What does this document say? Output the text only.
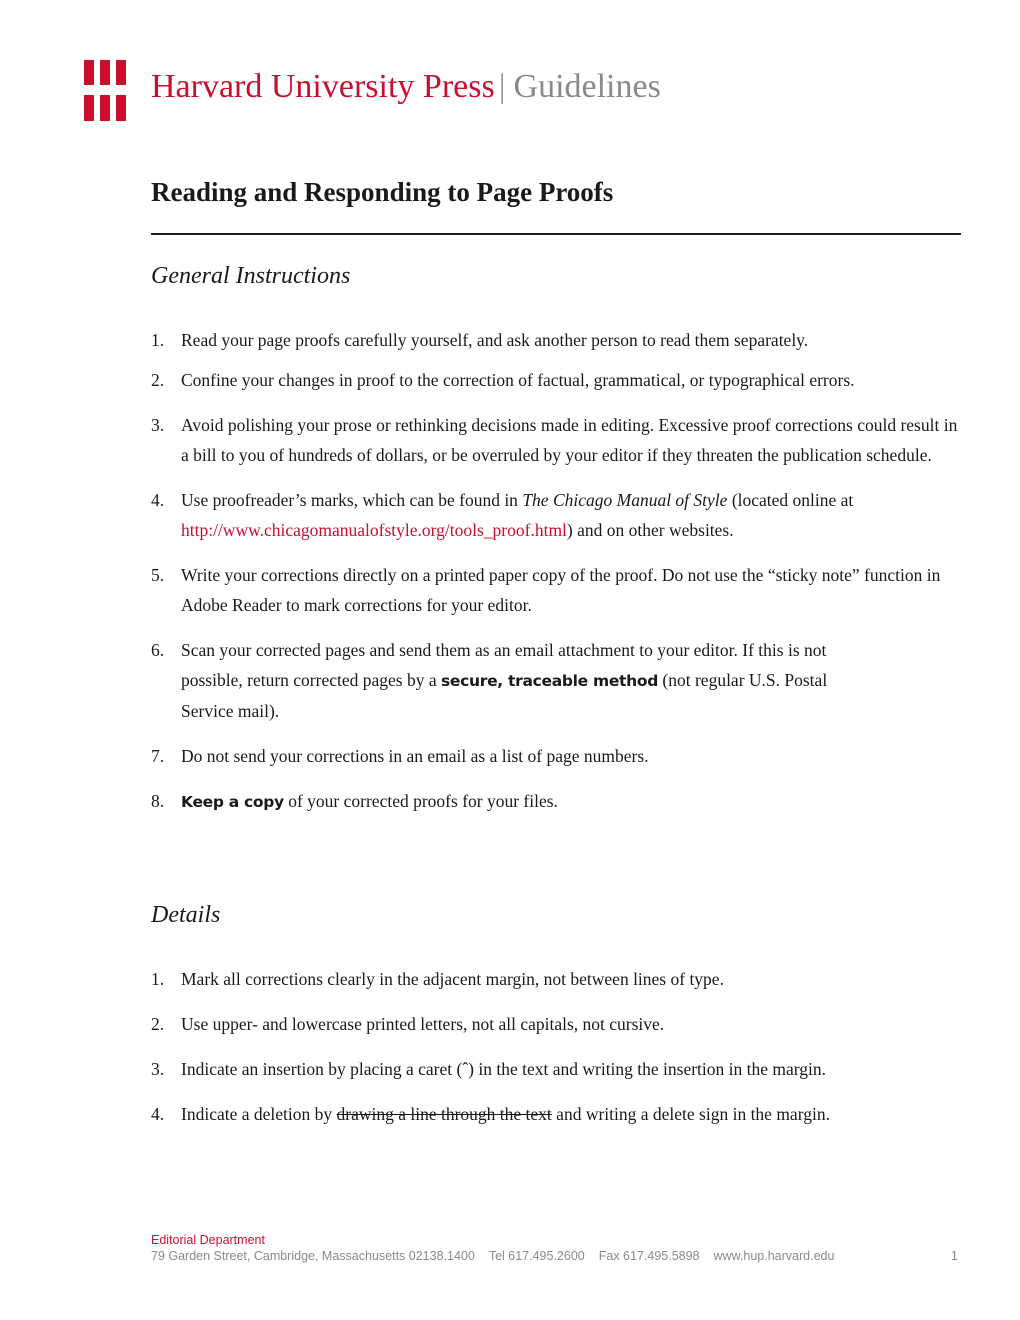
Harvard University Press | Guidelines
Reading and Responding to Page Proofs
General Instructions
1. Read your page proofs carefully yourself, and ask another person to read them separately.
2. Confine your changes in proof to the correction of factual, grammatical, or typographical errors.
3. Avoid polishing your prose or rethinking decisions made in editing. Excessive proof corrections could result in a bill to you of hundreds of dollars, or be overruled by your editor if they threaten the publication schedule.
4. Use proofreader’s marks, which can be found in The Chicago Manual of Style (located online at http://www.chicagomanualofstyle.org/tools_proof.html) and on other websites.
5. Write your corrections directly on a printed paper copy of the proof. Do not use the “sticky note” function in Adobe Reader to mark corrections for your editor.
6. Scan your corrected pages and send them as an email attachment to your editor. If this is not possible, return corrected pages by a secure, traceable method (not regular U.S. Postal Service mail).
7. Do not send your corrections in an email as a list of page numbers.
8. Keep a copy of your corrected proofs for your files.
Details
1. Mark all corrections clearly in the adjacent margin, not between lines of type.
2. Use upper- and lowercase printed letters, not all capitals, not cursive.
3. Indicate an insertion by placing a caret (ˆ) in the text and writing the insertion in the margin.
4. Indicate a deletion by drawing a line through the text and writing a delete sign in the margin.
Editorial Department
79 Garden Street, Cambridge, Massachusetts 02138.1400 Tel 617.495.2600 Fax 617.495.5898 www.hup.harvard.edu	1
